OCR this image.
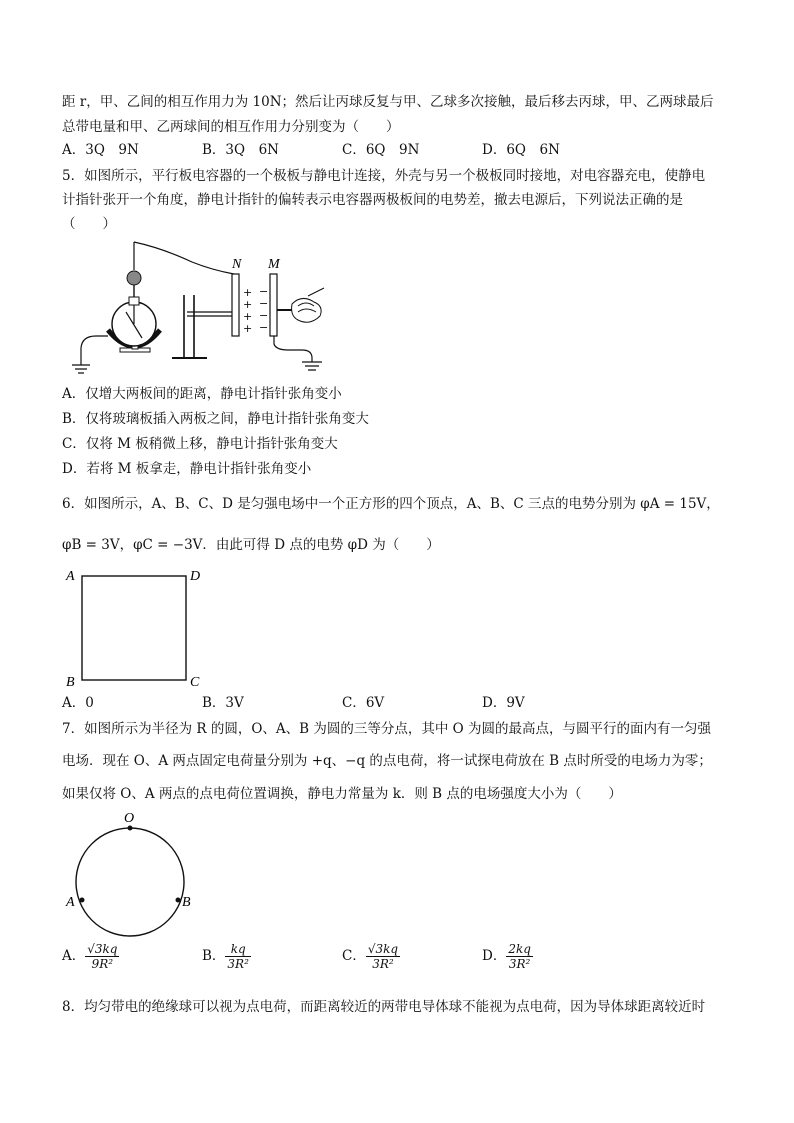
距 r，甲、乙间的相互作用力为 10N；然后让丙球反复与甲、乙球多次接触，最后移去丙球，甲、乙两球最后
总带电量和甲、乙两球间的相互作用力分别变为（　　）
A．3Q　9N	B．3Q　6N	C．6Q　9N	D．6Q　6N
5．如图所示，平行板电容器的一个极板与静电计连接，外壳与另一个极板同时接地，对电容器充电，使静电
计指针张开一个角度，静电计指针的偏转表示电容器两极板间的电势差，撤去电源后，下列说法正确的是
（　　）
+
+
+
+
−
−
−
−
N M
A．仅增大两板间的距离，静电计指针张角变小
B．仅将玻璃板插入两板之间，静电计指针张角变大
C．仅将 M 板稍微上移，静电计指针张角变大
D．若将 M 板拿走，静电计指针张角变小
6．如图所示，A、B、C、D 是匀强电场中一个正方形的四个顶点，A、B、C 三点的电势分别为 φA = 15V，
φB = 3V，φC = −3V．由此可得 D 点的电势 φD 为（　　）
A	D
B	C
A．0	B．3V	C．6V	D．9V
7．如图所示为半径为 R 的圆，O、A、B 为圆的三等分点，其中 O 为圆的最高点，与圆平行的面内有一匀强
电场．现在 O、A 两点固定电荷量分别为 +q、−q 的点电荷，将一试探电荷放在 B 点时所受的电场力为零；
如果仅将 O、A 两点的点电荷位置调换，静电力常量为 k．则 B 点的电场强度大小为（　　）
O
A	B
A． $\frac{√3kq}{\text{9R²}}$	B． $\frac{kq}{\text{3R²}}$	C． $\frac{√3kq}{\text{3R²}}$	D． $\frac{2kq}{\text{3R²}}$
8．均匀带电的绝缘球可以视为点电荷，而距离较近的两带电导体球不能视为点电荷，因为导体球距离较近时
